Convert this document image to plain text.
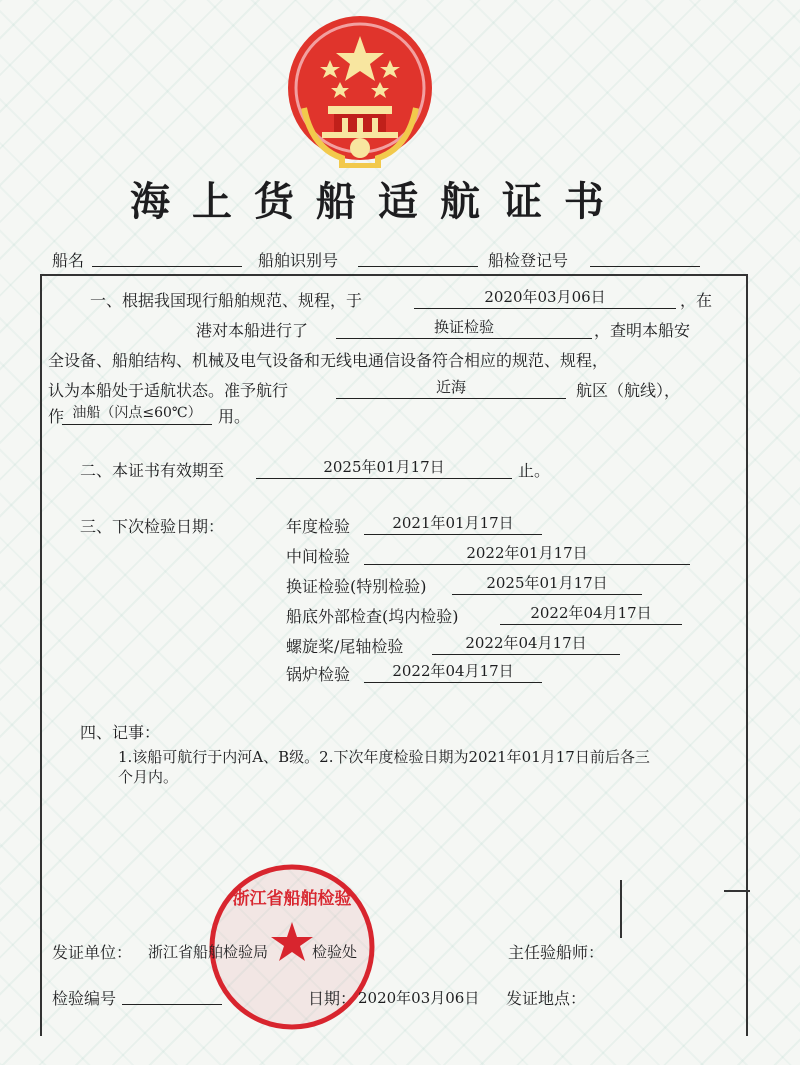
海上货船适航证书
船名	船舶识别号	船检登记号
一、根据我国现行船舶规范、规程，于	2020年03月06日	，在
港对本船进行了	换证检验	，查明本船安
全设备、船舶结构、机械及电气设备和无线电通信设备符合相应的规范、规程，
认为本船处于适航状态。准予航行	近海	航区（航线），
作 油船（闪点≤60℃）	用。
二、本证书有效期至	2025年01月17日	止。
三、下次检验日期：	年度检验	2021年01月17日
中间检验	2022年01月17日
换证检验(特别检验)	2025年01月17日
船底外部检查(坞内检验)	2022年04月17日
螺旋桨/尾轴检验	2022年04月17日
锅炉检验	2022年04月17日
四、记事：
1.该船可航行于内河A、B级。2.下次年度检验日期为2021年01月17日前后各三
个月内。
浙江省船舶检验
发证单位： 浙江省船舶检验局	检验处	主任验船师：
检验编号	日期： 2020年03月06日 发证地点：
